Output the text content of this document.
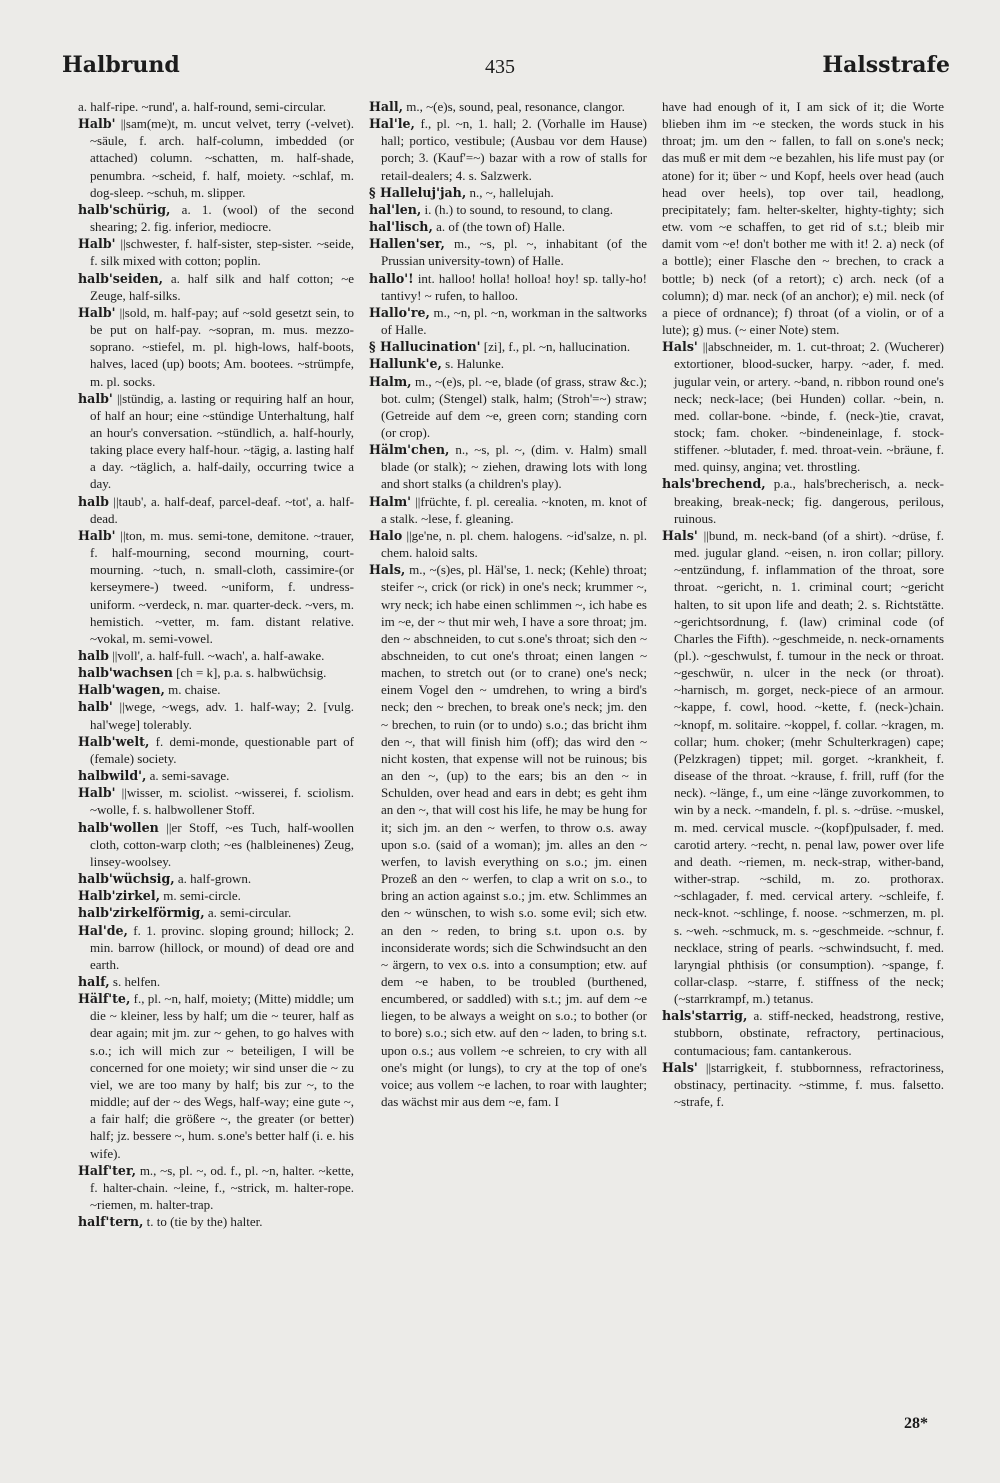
Halbrund	435	Halsstrafe

a. half-ripe. ~rund', a. half-round, semi-circular.

Halb' ||sam(me)t, m. uncut velvet, terry (-velvet). ~säule, f. arch. half-column, imbedded (or attached) column. ~schatten, m. half-shade, penumbra. ~scheid, f. half, moiety. ~schlaf, m. dog-sleep. ~schuh, m. slipper.

halb'schürig, a. 1. (wool) of the second shearing; 2. fig. inferior, mediocre.

Halb' ||schwester, f. half-sister, step-sister. ~seide, f. silk mixed with cotton; poplin.

halb'seiden, a. half silk and half cotton; ~e Zeuge, half-silks.

Halb' ||sold, m. half-pay; auf ~sold gesetzt sein, to be put on half-pay. ~sopran, m. mus. mezzo-soprano. ~stiefel, m. pl. high-lows, half-boots, halves, laced (up) boots; Am. bootees. ~strümpfe, m. pl. socks.

halb' ||stündig, a. lasting or requiring half an hour, of half an hour; eine ~stündige Unterhaltung, half an hour's conversation. ~stündlich, a. half-hourly, taking place every half-hour. ~tägig, a. lasting half a day. ~täglich, a. half-daily, occurring twice a day.

halb ||taub', a. half-deaf, parcel-deaf. ~tot', a. half-dead.

Halb' ||ton, m. mus. semi-tone, demitone. ~trauer, f. half-mourning, second mourning, court-mourning. ~tuch, n. small-cloth, cassimire-(or kerseymere-) tweed. ~uniform, f. undress-uniform. ~verdeck, n. mar. quarter-deck. ~vers, m. hemistich. ~vetter, m. fam. distant relative. ~vokal, m. semi-vowel.

halb ||voll', a. half-full. ~wach', a. half-awake.

halb'wachsen [ch = k], p.a. s. halbwüchsig.

Halb'wagen, m. chaise.

halb' ||wege, ~wegs, adv. 1. half-way; 2. [vulg. hal'wege] tolerably.

Halb'welt, f. demi-monde, questionable part of (female) society.

halbwild', a. semi-savage.

Halb' ||wisser, m. sciolist. ~wisserei, f. sciolism. ~wolle, f. s. halbwollener Stoff.

halb'wollen ||er Stoff, ~es Tuch, half-woollen cloth, cotton-warp cloth; ~es (halbleinenes) Zeug, linsey-woolsey.

halb'wüchsig, a. half-grown.

Halb'zirkel, m. semi-circle.

halb'zirkelförmig, a. semi-circular.

Hal'de, f. 1. provinc. sloping ground; hillock; 2. min. barrow (hillock, or mound) of dead ore and earth.

half, s. helfen.

Hälf'te, f., pl. ~n, half, moiety; (Mitte) middle; um die ~ kleiner, less by half; um die ~ teurer, half as dear again; mit jm. zur ~ gehen, to go halves with s.o.; ich will mich zur ~ beteiligen, I will be concerned for one moiety; wir sind unser die ~ zu viel, we are too many by half; bis zur ~, to the middle; auf der ~ des Wegs, half-way; eine gute ~, a fair half; die größere ~, the greater (or better) half; jz. bessere ~, hum. s.one's better half (i. e. his wife).

Half'ter, m., ~s, pl. ~, od. f., pl. ~n, halter. ~kette, f. halter-chain. ~leine, f., ~strick, m. halter-rope. ~riemen, m. halter-trap.

half'tern, t. to (tie by the) halter.

Hall, m., ~(e)s, sound, peal, resonance, clangor.

Hal'le, f., pl. ~n, 1. hall; 2. (Vorhalle im Hause) hall; portico, vestibule; (Ausbau vor dem Hause) porch; 3. (Kauf'=~) bazar with a row of stalls for retail-dealers; 4. s. Salzwerk.

§ Halleluj'jah, n., ~, hallelujah.

hal'len, i. (h.) to sound, to resound, to clang.

hal'lisch, a. of (the town of) Halle.

Hallen'ser, m., ~s, pl. ~, inhabitant (of the Prussian university-town) of Halle.

hallo'! int. halloo! holla! holloa! hoy! sp. tally-ho! tantivy! ~ rufen, to halloo.

Hallo're, m., ~n, pl. ~n, workman in the saltworks of Halle.

§ Hallucination' [zi], f., pl. ~n, hallucination.

Hallunk'e, s. Halunke.

Halm, m., ~(e)s, pl. ~e, blade (of grass, straw &c.); bot. culm; (Stengel) stalk, halm; (Stroh'=~) straw; (Getreide auf dem ~e, green corn; standing corn (or crop).

Hälm'chen, n., ~s, pl. ~, (dim. v. Halm) small blade (or stalk); ~ ziehen, drawing lots with long and short stalks (a children's play).

Halm' ||früchte, f. pl. cerealia. ~knoten, m. knot of a stalk. ~lese, f. gleaning.

Halo ||ge'ne, n. pl. chem. halogens. ~id'salze, n. pl. chem. haloid salts.

Hals, m., ~(s)es, pl. Häl'se, 1. neck; (Kehle) throat; steifer ~, crick (or rick) in one's neck; krummer ~, wry neck; ich habe einen schlimmen ~, ich habe es im ~e, der ~ thut mir weh, I have a sore throat; jm. den ~ abschneiden, to cut s.one's throat; sich den ~ abschneiden, to cut one's throat; einen langen ~ machen, to stretch out (or to crane) one's neck; einem Vogel den ~ umdrehen, to wring a bird's neck; den ~ brechen, to break one's neck; jm. den ~ brechen, to ruin (or to undo) s.o.; das bricht ihm den ~, that will finish him (off); das wird den ~ nicht kosten, that expense will not be ruinous; bis an den ~, (up) to the ears; bis an den ~ in Schulden, over head and ears in debt; es geht ihm an den ~, that will cost his life, he may be hung for it; sich jm. an den ~ werfen, to throw o.s. away upon s.o. (said of a woman); jm. alles an den ~ werfen, to lavish everything on s.o.; jm. einen Prozeß an den ~ werfen, to clap a writ on s.o., to bring an action against s.o.; jm. etw. Schlimmes an den ~ wünschen, to wish s.o. some evil; sich etw. an den ~ reden, to bring s.t. upon o.s. by inconsiderate words; sich die Schwindsucht an den ~ ärgern, to vex o.s. into a consumption; etw. auf dem ~e haben, to be troubled (burthened, encumbered, or saddled) with s.t.; jm. auf dem ~e liegen, to be always a weight on s.o.; to bother (or to bore) s.o.; sich etw. auf den ~ laden, to bring s.t. upon o.s.; aus vollem ~e schreien, to cry with all one's might (or lungs), to cry at the top of one's voice; aus vollem ~e lachen, to roar with laughter; das wächst mir aus dem ~e, fam. I

have had enough of it, I am sick of it; die Worte blieben ihm im ~e stecken, the words stuck in his throat; jm. um den ~ fallen, to fall on s.one's neck; das muß er mit dem ~e bezahlen, his life must pay (or atone) for it; über ~ und Kopf, heels over head (auch head over heels), top over tail, headlong, precipitately; fam. helter-skelter, highty-tighty; sich etw. vom ~e schaffen, to get rid of s.t.; bleib mir damit vom ~e! don't bother me with it! 2. a) neck (of a bottle); einer Flasche den ~ brechen, to crack a bottle; b) neck (of a retort); c) arch. neck (of a column); d) mar. neck (of an anchor); e) mil. neck (of a piece of ordnance); f) throat (of a violin, or of a lute); g) mus. (~ einer Note) stem.

Hals' ||abschneider, m. 1. cut-throat; 2. (Wucherer) extortioner, blood-sucker, harpy. ~ader, f. med. jugular vein, or artery. ~band, n. ribbon round one's neck; neck-lace; (bei Hunden) collar. ~bein, n. med. collar-bone. ~binde, f. (neck-)tie, cravat, stock; fam. choker. ~bindeneinlage, f. stock-stiffener. ~blutader, f. med. throat-vein. ~bräune, f. med. quinsy, angina; vet. throstling.

hals'brechend, p.a., hals'brecherisch, a. neck-breaking, break-neck; fig. dangerous, perilous, ruinous.

Hals' ||bund, m. neck-band (of a shirt). ~drüse, f. med. jugular gland. ~eisen, n. iron collar; pillory. ~entzündung, f. inflammation of the throat, sore throat. ~gericht, n. 1. criminal court; ~gericht halten, to sit upon life and death; 2. s. Richtstätte. ~gerichtsordnung, f. (law) criminal code (of Charles the Fifth). ~geschmeide, n. neck-ornaments (pl.). ~geschwulst, f. tumour in the neck or throat. ~geschwür, n. ulcer in the neck (or throat). ~harnisch, m. gorget, neck-piece of an armour. ~kappe, f. cowl, hood. ~kette, f. (neck-)chain. ~knopf, m. solitaire. ~koppel, f. collar. ~kragen, m. collar; hum. choker; (mehr Schulterkragen) cape; (Pelzkragen) tippet; mil. gorget. ~krankheit, f. disease of the throat. ~krause, f. frill, ruff (for the neck). ~länge, f., um eine ~länge zuvorkommen, to win by a neck. ~mandeln, f. pl. s. ~drüse. ~muskel, m. med. cervical muscle. ~(kopf)pulsader, f. med. carotid artery. ~recht, n. penal law, power over life and death. ~riemen, m. neck-strap, wither-band, wither-strap. ~schild, m. zo. prothorax. ~schlagader, f. med. cervical artery. ~schleife, f. neck-knot. ~schlinge, f. noose. ~schmerzen, m. pl. s. ~weh. ~schmuck, m. s. ~geschmeide. ~schnur, f. necklace, string of pearls. ~schwindsucht, f. med. laryngial phthisis (or consumption). ~spange, f. collar-clasp. ~starre, f. stiffness of the neck; (~starrkrampf, m.) tetanus.

hals'starrig, a. stiff-necked, headstrong, restive, stubborn, obstinate, refractory, pertinacious, contumacious; fam. cantankerous.

Hals' ||starrigkeit, f. stubbornness, refractoriness, obstinacy, pertinacity. ~stimme, f. mus. falsetto. ~strafe, f.

28*
